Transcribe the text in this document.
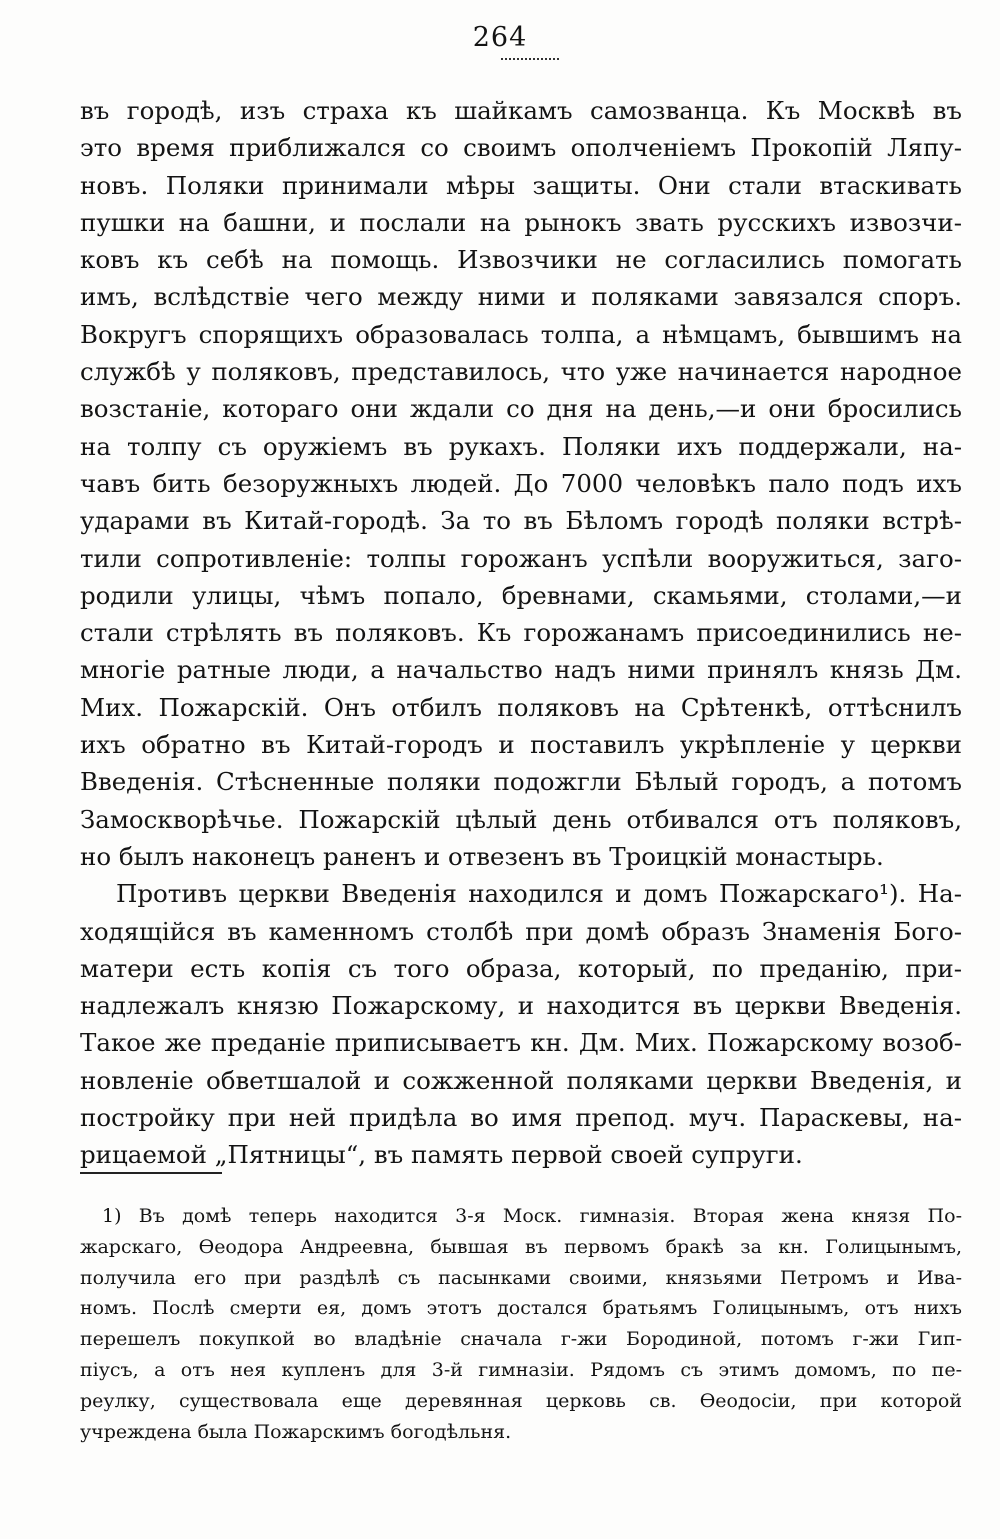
264
въ городѣ, изъ страха къ шайкамъ самозванца. Къ Москвѣ въ
это время приближался со своимъ ополченіемъ Прокопій Ляпу-
новъ. Поляки принимали мѣры защиты. Они стали втаскивать
пушки на башни, и послали на рынокъ звать русскихъ извозчи-
ковъ къ себѣ на помощь. Извозчики не согласились помогать
имъ, вслѣдствіе чего между ними и поляками завязался споръ.
Вокругъ спорящихъ образовалась толпа, а нѣмцамъ, бывшимъ на
службѣ у поляковъ, представилось, что уже начинается народное
возстаніе, котораго они ждали со дня на день,—и они бросились
на толпу съ оружіемъ въ рукахъ. Поляки ихъ поддержали, на-
чавъ бить безоружныхъ людей. До 7000 человѣкъ пало подъ ихъ
ударами въ Китай-городѣ. За то въ Бѣломъ городѣ поляки встрѣ-
тили сопротивленіе: толпы горожанъ успѣли вооружиться, заго-
родили улицы, чѣмъ попало, бревнами, скамьями, столами,—и
стали стрѣлять въ поляковъ. Къ горожанамъ присоединились не-
многіе ратные люди, а начальство надъ ними принялъ князь Дм.
Мих. Пожарскій. Онъ отбилъ поляковъ на Срѣтенкѣ, оттѣснилъ
ихъ обратно въ Китай-городъ и поставилъ укрѣпленіе у церкви
Введенія. Стѣсненные поляки подожгли Бѣлый городъ, а потомъ
Замоскворѣчье. Пожарскій цѣлый день отбивался отъ поляковъ,
но былъ наконецъ раненъ и отвезенъ въ Троицкій монастырь.
Противъ церкви Введенія находился и домъ Пожарскаго¹). На-
ходящійся въ каменномъ столбѣ при домѣ образъ Знаменія Бого-
матери есть копія съ того образа, который, по преданію, при-
надлежалъ князю Пожарскому, и находится въ церкви Введенія.
Такое же преданіе приписываетъ кн. Дм. Мих. Пожарскому возоб-
новленіе обветшалой и сожженной поляками церкви Введенія, и
постройку при ней придѣла во имя препод. муч. Параскевы, на-
рицаемой „Пятницы“, въ память первой своей супруги.
1) Въ домѣ теперь находится 3-я Моск. гимназія. Вторая жена князя По-
жарскаго, Ѳеодора Андреевна, бывшая въ первомъ бракѣ за кн. Голицынымъ,
получила его при раздѣлѣ съ пасынками своими, князьями Петромъ и Ива-
номъ. Послѣ смерти ея, домъ этотъ достался братьямъ Голицынымъ, отъ нихъ
перешелъ покупкой во владѣніе сначала г-жи Бородиной, потомъ г-жи Гип-
піусъ, а отъ нея купленъ для 3-й гимназіи. Рядомъ съ этимъ домомъ, по пе-
реулку, существовала еще деревянная церковь св. Ѳеодосіи, при которой
учреждена была Пожарскимъ богодѣльня.
